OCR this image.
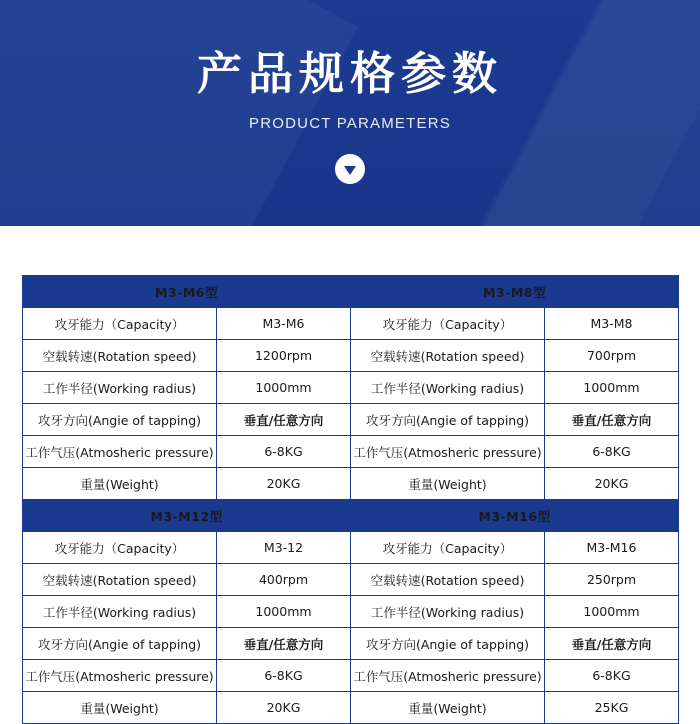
产品规格参数
PRODUCT PARAMETERS
M3-M6型		M3-M8型	
攻牙能力（Capacity）	M3-M6	攻牙能力（Capacity）	M3-M8
空载转速(Rotation speed)	1200rpm	空载转速(Rotation speed)	700rpm
工作半径(Working radius)	1000mm	工作半径(Working radius)	1000mm
攻牙方向(Angie of tapping)	垂直/任意方向	攻牙方向(Angie of tapping)	垂直/任意方向
工作气压(Atmosheric pressure)	6-8KG	工作气压(Atmosheric pressure)	6-8KG
重量(Weight)	20KG	重量(Weight)	20KG
M3-M12型		M3-M16型	
攻牙能力（Capacity）	M3-12	攻牙能力（Capacity）	M3-M16
空载转速(Rotation speed)	400rpm	空载转速(Rotation speed)	250rpm
工作半径(Working radius)	1000mm	工作半径(Working radius)	1000mm
攻牙方向(Angie of tapping)	垂直/任意方向	攻牙方向(Angie of tapping)	垂直/任意方向
工作气压(Atmosheric pressure)	6-8KG	工作气压(Atmosheric pressure)	6-8KG
重量(Weight)	20KG	重量(Weight)	25KG
